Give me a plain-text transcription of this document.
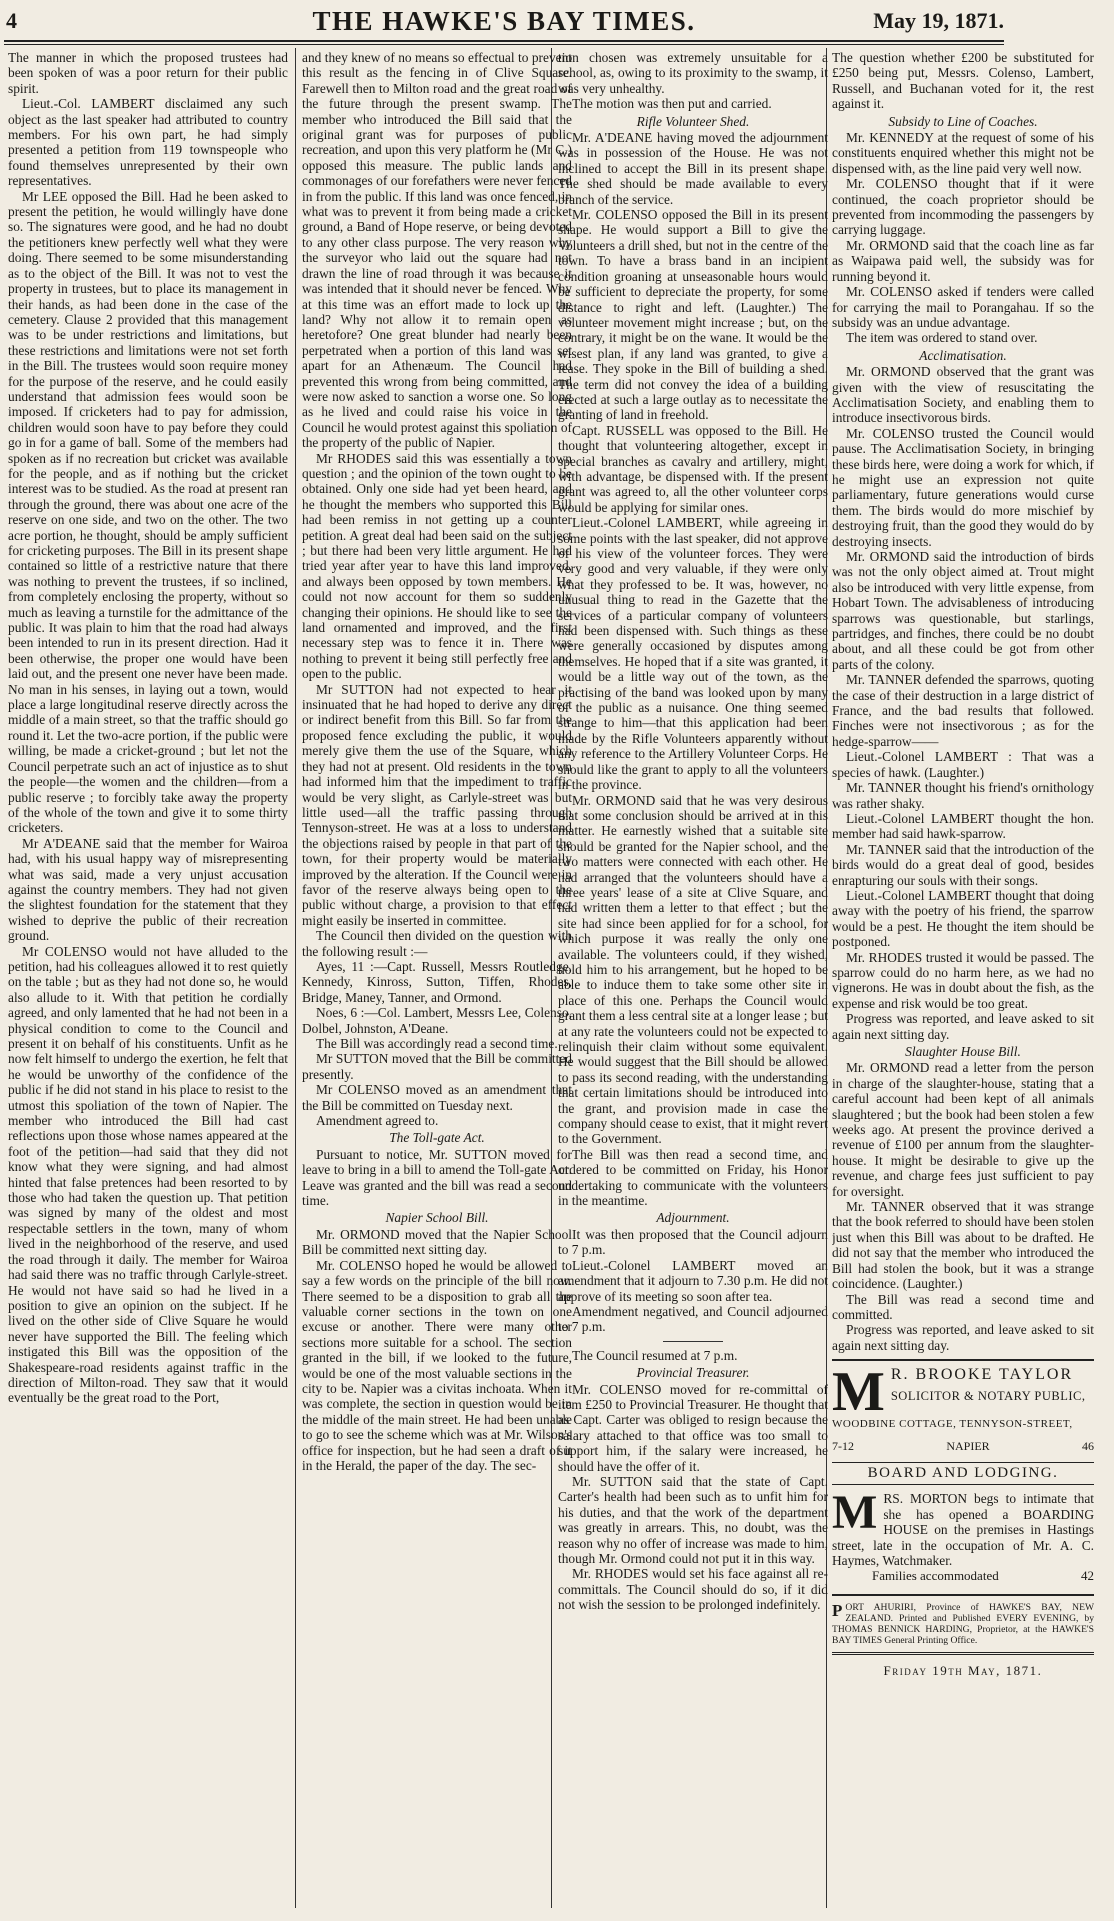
4	THE HAWKE'S BAY TIMES.	May 19, 1871.

The manner in which the proposed trustees had been spoken of was a poor return for their public spirit.

Lieut.-Col. LAMBERT disclaimed any such object as the last speaker had attributed to country members. For his own part, he had simply presented a petition from 119 townspeople who found themselves unrepresented by their own representatives.

Mr LEE opposed the Bill. Had he been asked to present the petition, he would willingly have done so. The signatures were good, and he had no doubt the petitioners knew perfectly well what they were doing. There seemed to be some misunderstanding as to the object of the Bill. It was not to vest the property in trustees, but to place its management in their hands, as had been done in the case of the cemetery. Clause 2 provided that this management was to be under restrictions and limitations, but these restrictions and limitations were not set forth in the Bill. The trustees would soon require money for the purpose of the reserve, and he could easily understand that admission fees would soon be imposed. If cricketers had to pay for admission, children would soon have to pay before they could go in for a game of ball. Some of the members had spoken as if no recreation but cricket was available for the people, and as if nothing but the cricket interest was to be studied. As the road at present ran through the ground, there was about one acre of the reserve on one side, and two on the other. The two acre portion, he thought, should be amply sufficient for cricketing purposes. The Bill in its present shape contained so little of a restrictive nature that there was nothing to prevent the trustees, if so inclined, from completely enclosing the property, without so much as leaving a turnstile for the admittance of the public. It was plain to him that the road had always been intended to run in its present direction. Had it been otherwise, the proper one would have been laid out, and the present one never have been made. No man in his senses, in laying out a town, would place a large longitudinal reserve directly across the middle of a main street, so that the traffic should go round it. Let the two-acre portion, if the public were willing, be made a cricket-ground ; but let not the Council perpetrate such an act of injustice as to shut the people—the women and the children—from a public reserve ; to forcibly take away the property of the whole of the town and give it to some thirty cricketers.

Mr A'DEANE said that the member for Wairoa had, with his usual happy way of misrepresenting what was said, made a very unjust accusation against the country members. They had not given the slightest foundation for the statement that they wished to deprive the public of their recreation ground.

Mr COLENSO would not have alluded to the petition, had his colleagues allowed it to rest quietly on the table ; but as they had not done so, he would also allude to it. With that petition he cordially agreed, and only lamented that he had not been in a physical condition to come to the Council and present it on behalf of his constituents. Unfit as he now felt himself to undergo the exertion, he felt that he would be unworthy of the confidence of the public if he did not stand in his place to resist to the utmost this spoliation of the town of Napier. The member who introduced the Bill had cast reflections upon those whose names appeared at the foot of the petition—had said that they did not know what they were signing, and had almost hinted that false pretences had been resorted to by those who had taken the question up. That petition was signed by many of the oldest and most respectable settlers in the town, many of whom lived in the neighborhood of the reserve, and used the road through it daily. The member for Wairoa had said there was no traffic through Carlyle-street. He would not have said so had he lived in a position to give an opinion on the subject. If he lived on the other side of Clive Square he would never have supported the Bill. The feeling which instigated this Bill was the opposition of the Shakespeare-road residents against traffic in the direction of Milton-road. They saw that it would eventually be the great road to the Port,

and they knew of no means so effectual to prevent this result as the fencing in of Clive Square. Farewell then to Milton road and the great road of the future through the present swamp. The member who introduced the Bill said that the original grant was for purposes of public recreation, and upon this very platform he (Mr C.) opposed this measure. The public lands and commonages of our forefathers were never fenced in from the public. If this land was once fenced, in what was to prevent it from being made a cricket ground, a Band of Hope reserve, or being devoted to any other class purpose. The very reason why the surveyor who laid out the square had not drawn the line of road through it was because it was intended that it should never be fenced. Why at this time was an effort made to lock up the land? Why not allow it to remain open as heretofore? One great blunder had nearly been perpetrated when a portion of this land was set apart for an Athenæum. The Council had prevented this wrong from being committed, and were now asked to sanction a worse one. So long as he lived and could raise his voice in the Council he would protest against this spoliation of the property of the public of Napier.

Mr RHODES said this was essentially a town question ; and the opinion of the town ought to be obtained. Only one side had yet been heard, and he thought the members who supported this Bill had been remiss in not getting up a counter petition. A great deal had been said on the subject ; but there had been very little argument. He had tried year after year to have this land improved, and always been opposed by town members. He could not now account for them so suddenly changing their opinions. He should like to see the land ornamented and improved, and the first necessary step was to fence it in. There was nothing to prevent it being still perfectly free and open to the public.

Mr SUTTON had not expected to hear it insinuated that he had hoped to derive any direct or indirect benefit from this Bill. So far from the proposed fence excluding the public, it would merely give them the use of the Square, which they had not at present. Old residents in the town had informed him that the impediment to traffic would be very slight, as Carlyle-street was but little used—all the traffic passing through Tennyson-street. He was at a loss to understand the objections raised by people in that part of the town, for their property would be materially improved by the alteration. If the Council were in favor of the reserve always being open to the public without charge, a provision to that effect might easily be inserted in committee.

The Council then divided on the question with the following result :—

Ayes, 11 :—Capt. Russell, Messrs Routledge, Kennedy, Kinross, Sutton, Tiffen, Rhodes, Bridge, Maney, Tanner, and Ormond.

Noes, 6 :—Col. Lambert, Messrs Lee, Colenso, Dolbel, Johnston, A'Deane.

The Bill was accordingly read a second time.

Mr SUTTON moved that the Bill be committed presently.

Mr COLENSO moved as an amendment that the Bill be committed on Tuesday next.

Amendment agreed to.

The Toll-gate Act.

Pursuant to notice, Mr. SUTTON moved for leave to bring in a bill to amend the Toll-gate Act. Leave was granted and the bill was read a second time.

Napier School Bill.

Mr. ORMOND moved that the Napier School Bill be committed next sitting day.

Mr. COLENSO hoped he would be allowed to say a few words on the principle of the bill now. There seemed to be a disposition to grab all the valuable corner sections in the town on one excuse or another. There were many other sections more suitable for a school. The section granted in the bill, if we looked to the future, would be one of the most valuable sections in the city to be. Napier was a civitas inchoata. When it was complete, the section in question would be in the middle of the main street. He had been unable to go to see the scheme which was at Mr. Wilson's office for inspection, but he had seen a draft of it in the Herald, the paper of the day. The sec-

tion chosen was extremely unsuitable for a school, as, owing to its proximity to the swamp, it was very unhealthy.

The motion was then put and carried.

Rifle Volunteer Shed.

Mr. A'DEANE having moved the adjournment was in possession of the House. He was not inclined to accept the Bill in its present shape. The shed should be made available to every branch of the service.

Mr. COLENSO opposed the Bill in its present shape. He would support a Bill to give the Volunteers a drill shed, but not in the centre of the town. To have a brass band in an incipient condition groaning at unseasonable hours would be sufficient to depreciate the property, for some distance to right and left. (Laughter.) The volunteer movement might increase ; but, on the contrary, it might be on the wane. It would be the wisest plan, if any land was granted, to give a lease. They spoke in the Bill of building a shed. The term did not convey the idea of a building erected at such a large outlay as to necessitate the granting of land in freehold.

Capt. RUSSELL was opposed to the Bill. He thought that volunteering altogether, except in special branches as cavalry and artillery, might, with advantage, be dispensed with. If the present grant was agreed to, all the other volunteer corps would be applying for similar ones.

Lieut.-Colonel LAMBERT, while agreeing in some points with the last speaker, did not approve of his view of the volunteer forces. They were very good and very valuable, if they were only what they professed to be. It was, however, no unusual thing to read in the Gazette that the services of a particular company of volunteers had been dispensed with. Such things as these were generally occasioned by disputes among themselves. He hoped that if a site was granted, it would be a little way out of the town, as the practising of the band was looked upon by many of the public as a nuisance. One thing seemed strange to him—that this application had been made by the Rifle Volunteers apparently without any reference to the Artillery Volunteer Corps. He should like the grant to apply to all the volunteers in the province.

Mr. ORMOND said that he was very desirous that some conclusion should be arrived at in this matter. He earnestly wished that a suitable site should be granted for the Napier school, and the two matters were connected with each other. He had arranged that the volunteers should have a three years' lease of a site at Clive Square, and had written them a letter to that effect ; but the site had since been applied for for a school, for which purpose it was really the only one available. The volunteers could, if they wished, hold him to his arrangement, but he hoped to be able to induce them to take some other site in place of this one. Perhaps the Council would grant them a less central site at a longer lease ; but at any rate the volunteers could not be expected to relinquish their claim without some equivalent. He would suggest that the Bill should be allowed to pass its second reading, with the understanding that certain limitations should be introduced into the grant, and provision made in case the company should cease to exist, that it might revert to the Government.

The Bill was then read a second time, and ordered to be committed on Friday, his Honor undertaking to communicate with the volunteers in the meantime.

Adjournment.

It was then proposed that the Council adjourn to 7 p.m.

Lieut.-Colonel LAMBERT moved an amendment that it adjourn to 7.30 p.m. He did not approve of its meeting so soon after tea.

Amendment negatived, and Council adjourned to 7 p.m.

The Council resumed at 7 p.m.

Provincial Treasurer.

Mr. COLENSO moved for re-committal of item £250 to Provincial Treasurer. He thought that as Capt. Carter was obliged to resign because the salary attached to that office was too small to support him, if the salary were increased, he should have the offer of it.

Mr. SUTTON said that the state of Capt. Carter's health had been such as to unfit him for his duties, and that the work of the department was greatly in arrears. This, no doubt, was the reason why no offer of increase was made to him, though Mr. Ormond could not put it in this way.

Mr. RHODES would set his face against all re-committals. The Council should do so, if it did not wish the session to be prolonged indefinitely.

The question whether £200 be substituted for £250 being put, Messrs. Colenso, Lambert, Russell, and Buchanan voted for it, the rest against it.

Subsidy to Line of Coaches.

Mr. KENNEDY at the request of some of his constituents enquired whether this might not be dispensed with, as the line paid very well now.

Mr. COLENSO thought that if it were continued, the coach proprietor should be prevented from incommoding the passengers by carrying luggage.

Mr. ORMOND said that the coach line as far as Waipawa paid well, the subsidy was for running beyond it.

Mr. COLENSO asked if tenders were called for carrying the mail to Porangahau. If so the subsidy was an undue advantage.

The item was ordered to stand over.

Acclimatisation.

Mr. ORMOND observed that the grant was given with the view of resuscitating the Acclimatisation Society, and enabling them to introduce insectivorous birds.

Mr. COLENSO trusted the Council would pause. The Acclimatisation Society, in bringing these birds here, were doing a work for which, if he might use an expression not quite parliamentary, future generations would curse them. The birds would do more mischief by destroying fruit, than the good they would do by destroying insects.

Mr. ORMOND said the introduction of birds was not the only object aimed at. Trout might also be introduced with very little expense, from Hobart Town. The advisableness of introducing sparrows was questionable, but starlings, partridges, and finches, there could be no doubt about, and all these could be got from other parts of the colony.

Mr. TANNER defended the sparrows, quoting the case of their destruction in a large district of France, and the bad results that followed. Finches were not insectivorous ; as for the hedge-sparrow——

Lieut.-Colonel LAMBERT : That was a species of hawk. (Laughter.)

Mr. TANNER thought his friend's ornithology was rather shaky.

Lieut.-Colonel LAMBERT thought the hon. member had said hawk-sparrow.

Mr. TANNER said that the introduction of the birds would do a great deal of good, besides enrapturing our souls with their songs.

Lieut.-Colonel LAMBERT thought that doing away with the poetry of his friend, the sparrow would be a pest. He thought the item should be postponed.

Mr. RHODES trusted it would be passed. The sparrow could do no harm here, as we had no vignerons. He was in doubt about the fish, as the expense and risk would be too great.

Progress was reported, and leave asked to sit again next sitting day.

Slaughter House Bill.

Mr. ORMOND read a letter from the person in charge of the slaughter-house, stating that a careful account had been kept of all animals slaughtered ; but the book had been stolen a few weeks ago. At present the province derived a revenue of £100 per annum from the slaughter-house. It might be desirable to give up the revenue, and charge fees just sufficient to pay for oversight.

Mr. TANNER observed that it was strange that the book referred to should have been stolen just when this Bill was about to be drafted. He did not say that the member who introduced the Bill had stolen the book, but it was a strange coincidence. (Laughter.)

The Bill was read a second time and committed.

Progress was reported, and leave asked to sit again next sitting day.

M R. BROOKE TAYLOR
SOLICITOR & NOTARY PUBLIC,
WOODBINE COTTAGE, TENNYSON-STREET,
7-12	NAPIER	46
BOARD AND LODGING.
M RS. MORTON begs to intimate that she has opened a BOARDING HOUSE on the premises in Hastings street, late in the occupation of Mr. A. C. Haymes, Watchmaker.

Families accommodated	42
P ORT AHURIRI, Province of HAWKE'S BAY, NEW ZEALAND. Printed and Published EVERY EVENING, by THOMAS BENNICK HARDING, Proprietor, at the HAWKE'S BAY TIMES General Printing Office.
Friday 19th May, 1871.
